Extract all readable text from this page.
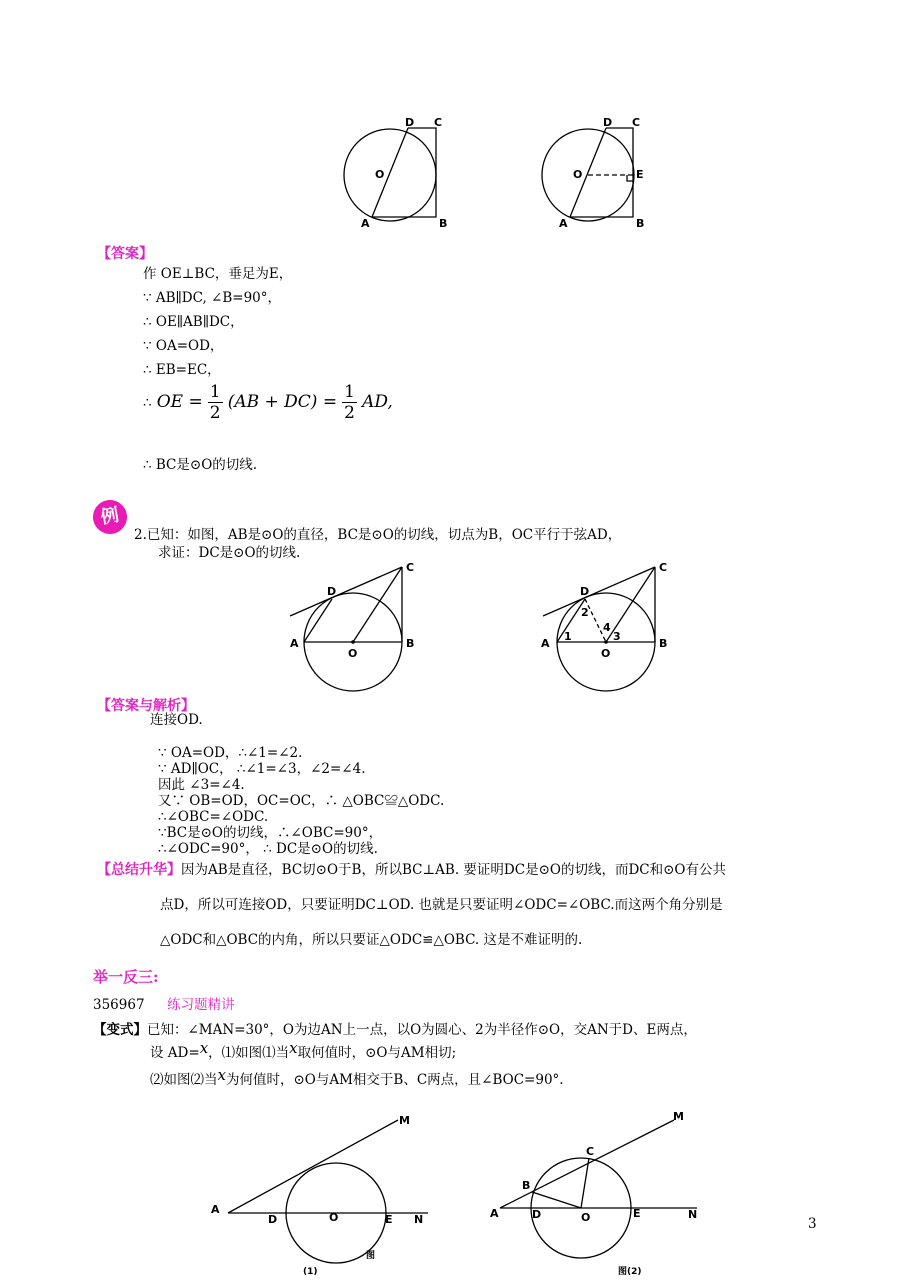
D C
O
A	B
D C
O	E
A	B
【答案】
作 OE⊥BC，垂足为E，
∵ AB∥DC, ∠B=90°，
∴ OE∥AB∥DC，
∵ OA=OD，
∴ EB=EC，
∴ OE = $\frac{1}{2} (AB + DC) = \frac{1}{2}$ AD,
∴ BC是⊙O的切线.
例
2.已知：如图，AB是⊙O的直径，BC是⊙O的切线，切点为B，OC平行于弦AD，
求证：DC是⊙O的切线.
D
C
A
O
B
D
C
A
O
B
1
2
3
4
【答案与解析】
连接OD.
∵ OA=OD，∴∠1=∠2.
∵ AD∥OC， ∴∠1=∠3，∠2=∠4.
因此 ∠3=∠4.
又∵ OB=OD，OC=OC，∴ △OBC≌△ODC.
∴∠OBC=∠ODC.
∵BC是⊙O的切线，∴∠OBC=90°，
∴∠ODC=90°， ∴ DC是⊙O的切线.
【总结升华】因为AB是直径，BC切⊙O于B，所以BC⊥AB. 要证明DC是⊙O的切线，而DC和⊙O有公共
点D，所以可连接OD，只要证明DC⊥OD. 也就是只要证明∠ODC=∠OBC.而这两个角分别是
△ODC和△OBC的内角，所以只要证△ODC≌△OBC. 这是不难证明的.
举一反三:
356967 练习题精讲
【变式】已知：∠MAN=30°，O为边AN上一点，以O为圆心、2为半径作⊙O，交AN于D、E两点，
设 AD=x，⑴如图⑴当x取何值时，⊙O与AM相切;
⑵如图⑵当x为何值时，⊙O与AM相交于B、C两点，且∠BOC=90°.
M
A
D	O	E N
图
(1)
M
C
B
A	D	O	E	N
图(2)
3
